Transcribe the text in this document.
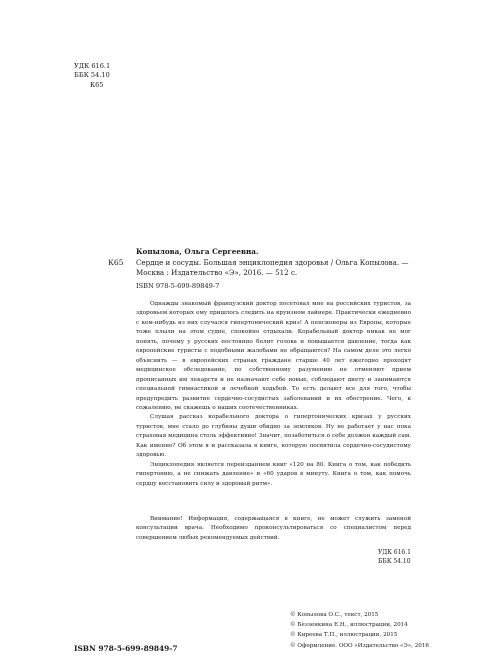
УДК 616.1
ББК 54.10
К65
Копылова, Ольга Сергеевна.
К65 Сердце и сосуды. Большая энциклопедия здоровья / Ольга Копылова. —
Москва : Издательство «Э», 2016. — 512 с.
ISBN 978-5-699-89849-7

Однажды знакомый французский доктор посетовал мне на российских туристов, за здоровьем которых ему пришлось следить на круизном лайнере. Практически ежедневно с кем-нибудь из них случался гипертонический криз! А пенсионеры из Европы, которые тоже плыли на этом судне, спокойно отдыхали. Корабельный доктор никак не мог понять, почему у русских постоянно болит голова и повышается давление, тогда как европейские туристы с подобными жалобами не обращаются? На самом деле это легко объяснить — в европейских странах граждане старше 40 лет ежегодно проходят медицинское обследование, по собственному разумению не отменяют прием прописанных им лекарств и не назначают себе новые, соблюдают диету и занимаются специальной гимнастикой и лечебной ходьбой. То есть делают все для того, чтобы предупредить развитие сердечно-сосудистых заболеваний и их обострение. Чего, к сожалению, не скажешь о наших соотечественниках.

Слушая рассказ корабельного доктора о гипертонических кризах у русских туристов, мне стало до глубины души обидно за земляков. Ну не работает у нас пока страховая медицина столь эффективно! Значит, позаботиться о себе должен каждый сам. Как именно? Об этом я и рассказала в книге, которую посвятила сердечно-сосудистому здоровью.

Энциклопедия является переизданием книг «120 на 80. Книга о том, как победить гипертонию, а не снижать давление» и «60 ударов в минуту. Книга о том, как помочь сердцу восстановить силу и здоровый ритм».

Внимание! Информация, содержащаяся в книге, не может служить заменой консультации врача. Необходимо проконсультироваться со специалистом перед совершением любых рекомендуемых действий.

УДК 616.1
ББК 54.10
© Копылова О.С., текст, 2015
© Беззенкина Е.Н., иллюстрации, 2014
© Киреева Т.П., иллюстрации, 2015
© Оформление. ООО «Издательство «Э», 2016
ISBN 978-5-699-89849-7
